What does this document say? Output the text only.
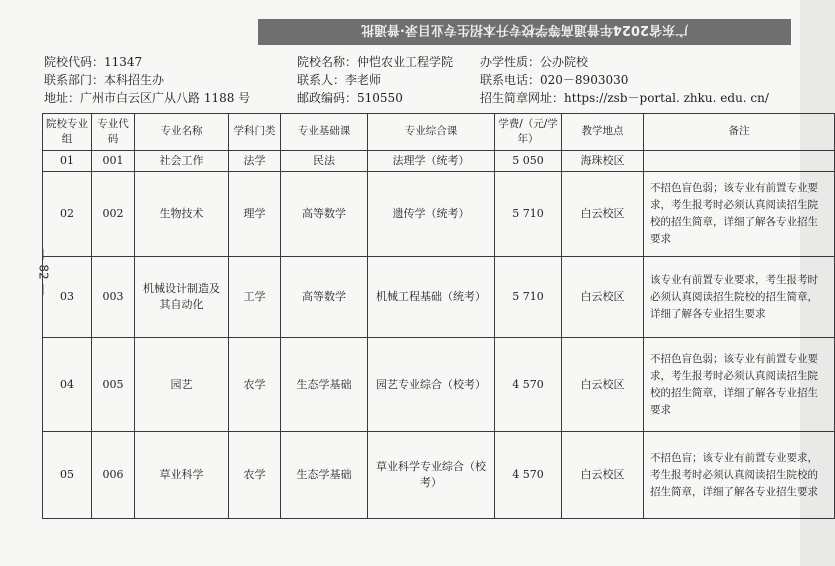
广东省2024年普通高等学校专升本招生专业目录·普通批
— 82 —
院校代码：11347	院校名称：仲恺农业工程学院 办学性质：公办院校
联系部门：本科招生办	联系人：李老师	联系电话：020－8903030
地址：广州市白云区广从八路 1188 号	邮政编码：510550	招生简章网址：https://zsb－portal. zhku. edu. cn/
院校专业组	专业代码	专业名称	学科门类	专业基础课	专业综合课	学费/（元/学年）	教学地点	备注
01	001	社会工作	法学	民法	法理学（统考）	5 050	海珠校区	
02	002	生物技术	理学	高等数学	遗传学（统考）	5 710	白云校区	不招色盲色弱；该专业有前置专业要求，考生报考时必须认真阅读招生院校的招生简章，详细了解各专业招生要求
03	003	机械设计制造及其自动化	工学	高等数学	机械工程基础（统考）	5 710	白云校区	该专业有前置专业要求，考生报考时必须认真阅读招生院校的招生简章，详细了解各专业招生要求
04	005	园艺	农学	生态学基础	园艺专业综合（校考）	4 570	白云校区	不招色盲色弱；该专业有前置专业要求，考生报考时必须认真阅读招生院校的招生简章，详细了解各专业招生要求
05	006	草业科学	农学	生态学基础	草业科学专业综合（校考）	4 570	白云校区	不招色盲；该专业有前置专业要求，考生报考时必须认真阅读招生院校的招生简章，详细了解各专业招生要求
